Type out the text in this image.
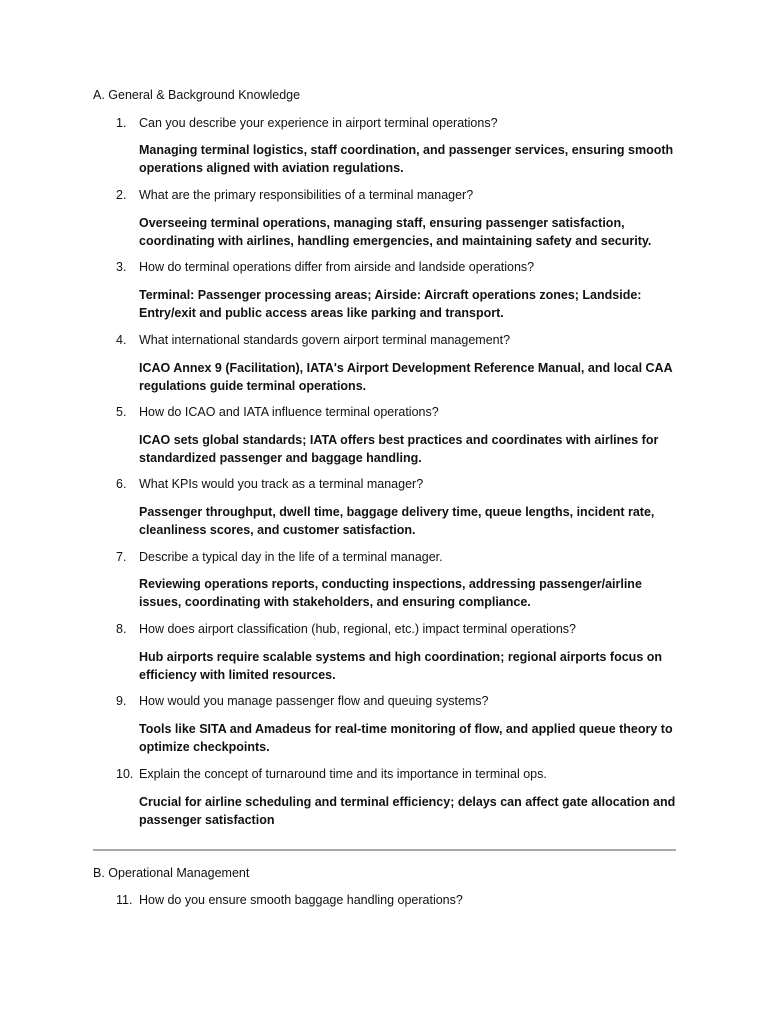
A. General & Background Knowledge
1.	Can you describe your experience in airport terminal operations?
Managing terminal logistics, staff coordination, and passenger services, ensuring smooth operations aligned with aviation regulations.
2.	What are the primary responsibilities of a terminal manager?
Overseeing terminal operations, managing staff, ensuring passenger satisfaction, coordinating with airlines, handling emergencies, and maintaining safety and security.
3.	How do terminal operations differ from airside and landside operations?
Terminal: Passenger processing areas; Airside: Aircraft operations zones; Landside: Entry/exit and public access areas like parking and transport.
4.	What international standards govern airport terminal management?
ICAO Annex 9 (Facilitation), IATA's Airport Development Reference Manual, and local CAA regulations guide terminal operations.
5.	How do ICAO and IATA influence terminal operations?
ICAO sets global standards; IATA offers best practices and coordinates with airlines for standardized passenger and baggage handling.
6.	What KPIs would you track as a terminal manager?
Passenger throughput, dwell time, baggage delivery time, queue lengths, incident rate, cleanliness scores, and customer satisfaction.
7.	Describe a typical day in the life of a terminal manager.
Reviewing operations reports, conducting inspections, addressing passenger/airline issues, coordinating with stakeholders, and ensuring compliance.
8.	How does airport classification (hub, regional, etc.) impact terminal operations?
Hub airports require scalable systems and high coordination; regional airports focus on efficiency with limited resources.
9.	How would you manage passenger flow and queuing systems?
Tools like SITA and Amadeus for real-time monitoring of flow, and applied queue theory to optimize checkpoints.
10. Explain the concept of turnaround time and its importance in terminal ops.
Crucial for airline scheduling and terminal efficiency; delays can affect gate allocation and passenger satisfaction
B. Operational Management
11. How do you ensure smooth baggage handling operations?
